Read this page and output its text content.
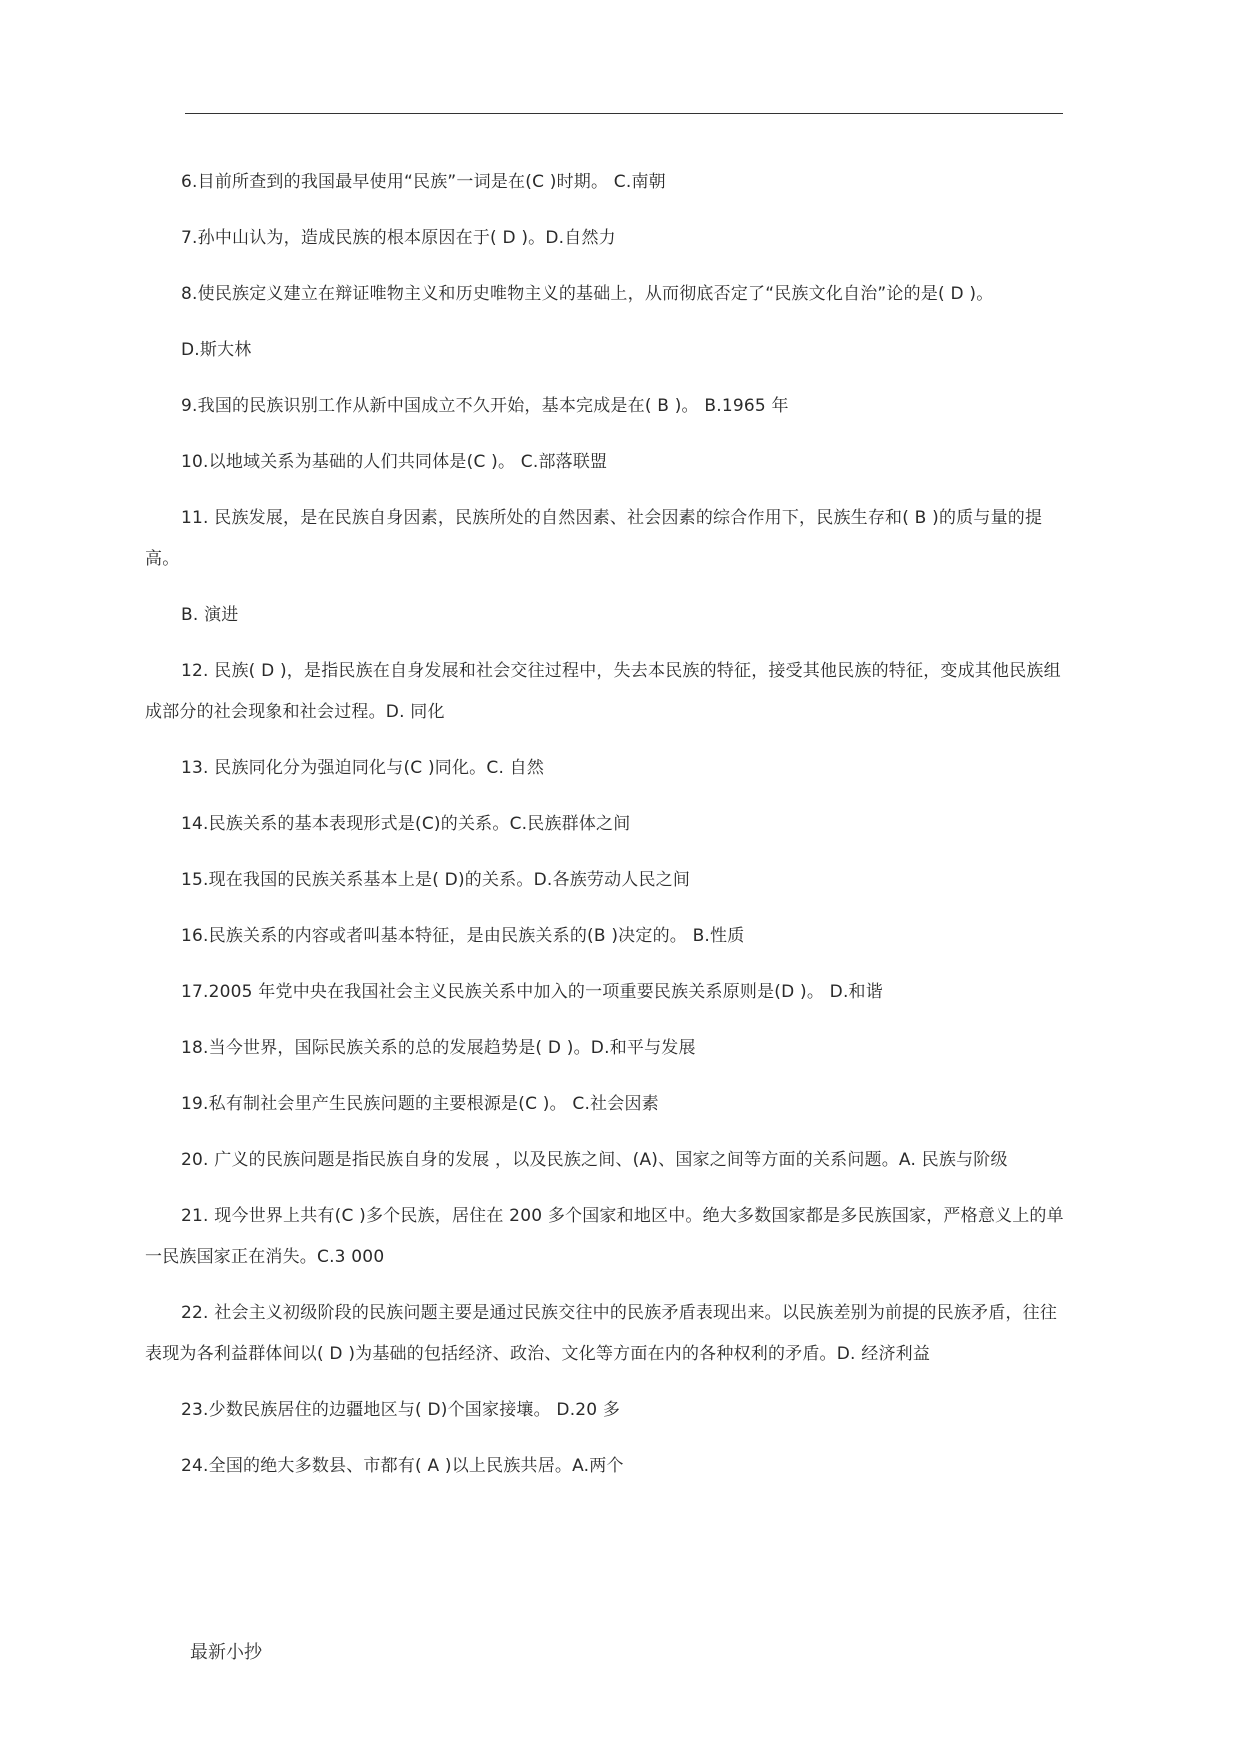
6.目前所查到的我国最早使用“民族”一词是在(C )时期。 C.南朝

7.孙中山认为，造成民族的根本原因在于( D )。D.自然力

8.使民族定义建立在辩证唯物主义和历史唯物主义的基础上，从而彻底否定了“民族文化自治”论的是( D )。

D.斯大林

9.我国的民族识别工作从新中国成立不久开始，基本完成是在( B )。 B.1965 年

10.以地域关系为基础的人们共同体是(C )。 C.部落联盟

11. 民族发展，是在民族自身因素，民族所处的自然因素、社会因素的综合作用下，民族生存和( B )的质与量的提高。

B. 演进

12. 民族( D )，是指民族在自身发展和社会交往过程中，失去本民族的特征，接受其他民族的特征，变成其他民族组成部分的社会现象和社会过程。D. 同化

13. 民族同化分为强迫同化与(C )同化。C. 自然

14.民族关系的基本表现形式是(C)的关系。C.民族群体之间

15.现在我国的民族关系基本上是( D)的关系。D.各族劳动人民之间

16.民族关系的内容或者叫基本特征，是由民族关系的(B )决定的。 B.性质

17.2005 年党中央在我国社会主义民族关系中加入的一项重要民族关系原则是(D )。 D.和谐

18.当今世界，国际民族关系的总的发展趋势是( D )。D.和平与发展

19.私有制社会里产生民族问题的主要根源是(C )。 C.社会因素

20. 广义的民族问题是指民族自身的发展 ，以及民族之间、(A)、国家之间等方面的关系问题。A. 民族与阶级

21. 现今世界上共有(C )多个民族，居住在 200 多个国家和地区中。绝大多数国家都是多民族国家，严格意义上的单一民族国家正在消失。C.3 000

22. 社会主义初级阶段的民族问题主要是通过民族交往中的民族矛盾表现出来。以民族差别为前提的民族矛盾，往往表现为各利益群体间以( D )为基础的包括经济、政治、文化等方面在内的各种权利的矛盾。D. 经济利益

23.少数民族居住的边疆地区与( D)个国家接壤。 D.20 多

24.全国的绝大多数县、市都有( A )以上民族共居。A.两个

最新小抄
